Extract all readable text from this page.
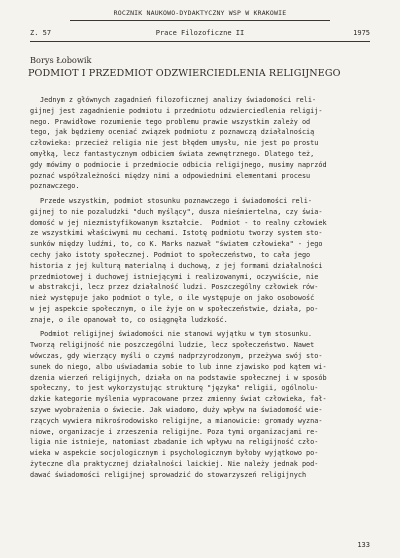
ROCZNIK NAUKOWO-DYDAKTYCZNY WSP W KRAKOWIE
Z. 57	Prace Filozoficzne II	1975
Borys Łobowik
PODMIOT I PRZEDMIOT ODZWIERCIEDLENIA RELIGIJNEGO
Jednym z głównych zagadnień filozoficznej analizy świadomości reli-
gijnej jest zagadnienie podmiotu i przedmiotu odzwierciedlenia religij-
nego. Prawidłowe rozumienie tego problemu prawie wszystkim zależy od
tego, jak będziemy oceniać związek podmiotu z poznawczą działalnością
człowieka: przecież religia nie jest błędem umysłu, nie jest po prostu
omyłką, lecz fantastycznym odbiciem świata zewnętrznego. Dlatego też,
gdy mówimy o podmiocie i przedmiocie odbicia religijnego, musimy naprzód
poznać współzależności między nimi a odpowiednimi elementami procesu
poznawczego.
Przede wszystkim, podmiot stosunku poznawczego i świadomości reli-
gijnej to nie pozaludzki "duch myślący", dusza nieśmiertelna, czy świa-
domość w jej niezmistyfikowanym kształcie.  Podmiot - to realny człowiek
ze wszystkimi właściwymi mu cechami. Istotę podmiotu tworzy system sto-
sunków między ludźmi, to, co K. Marks nazwał "światem człowieka" - jego
cechy jako istoty społecznej. Podmiot to społeczeństwo, to cała jego
historia z jej kulturą materialną i duchową, z jej formami działalności
przedmiotowej i duchowej istniejącymi i realizowanymi, oczywiście, nie
w abstrakcji, lecz przez działalność ludzi. Poszczególny człowiek rów-
nież występuje jako podmiot o tyle, o ile występuje on jako osobowość
w jej aspekcie społecznym, o ile żyje on w społeczeństwie, działa, po-
znaje, o ile opanował to, co osiągnęła ludzkość.
Podmiot religijnej świadomości nie stanowi wyjątku w tym stosunku.
Tworzą religijność nie poszczególni ludzie, lecz społeczeństwo. Nawet
wówczas, gdy wierzący myśli o czymś nadprzyrodzonym, przeżywa swój sto-
sunek do niego, albo uświadamia sobie to lub inne zjawisko pod kątem wi-
dzenia wierzeń religijnych, działa on na podstawie społecznej i w sposób
społeczny, to jest wykorzystując strukturę "języka" religii, ogólnolu-
dzkie kategorie myślenia wypracowane przez zmienny świat człowieka, fał-
szywe wyobrażenia o świecie. Jak wiadomo, duży wpływ na świadomość wie-
rzących wywiera mikrośrodowisko religijne, a mianowicie: gromady wyzna-
niowe, organizacje i zrzeszenia religijne. Poza tymi organizacjami re-
ligia nie istnieje, natomiast zbadanie ich wpływu na religijność czło-
wieka w aspekcie socjologicznym i psychologicznym byłoby wyjątkowo po-
żyteczne dla praktycznej działalności laickiej. Nie należy jednak pod-
dawać świadomości religijnej sprowadzić do stowarzyszeń religijnych
133
